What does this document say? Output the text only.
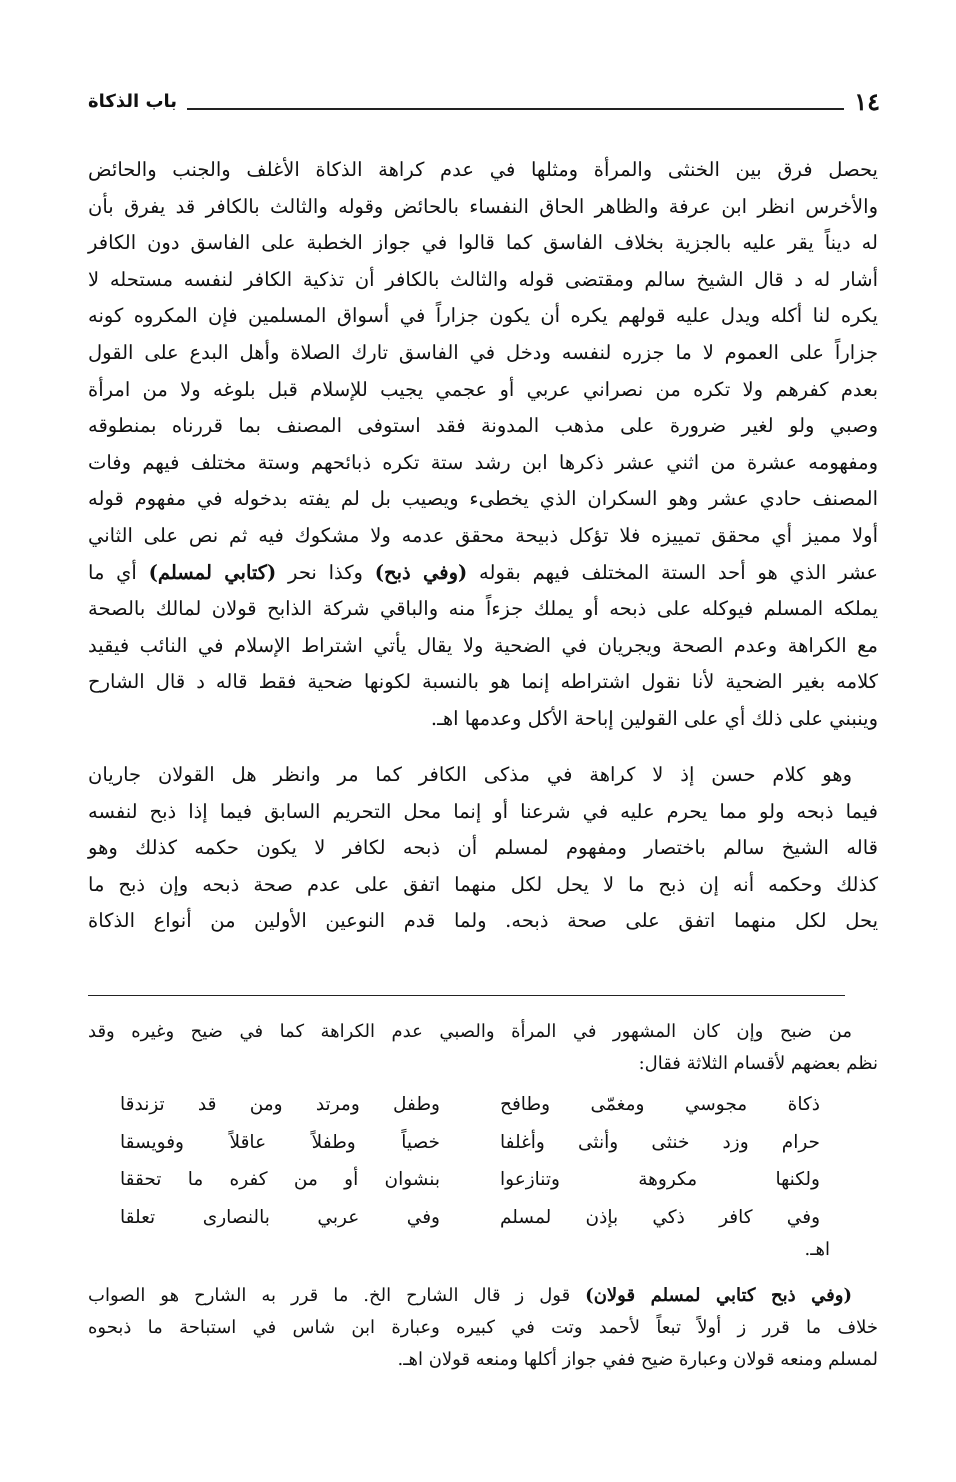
١٤
باب الذكاة
يحصل فرق بين الخنثى والمرأة ومثلها في عدم كراهة الذكاة الأغلف والجنب والحائض
والأخرس انظر ابن عرفة والظاهر الحاق النفساء بالحائض وقوله والثالث بالكافر قد يفرق بأن
له ديناً يقر عليه بالجزية بخلاف الفاسق كما قالوا في جواز الخطبة على الفاسق دون الكافر
أشار له د قال الشيخ سالم ومقتضى قوله والثالث بالكافر أن تذكية الكافر لنفسه مستحله لا
يكره لنا أكله ويدل عليه قولهم يكره أن يكون جزاراً في أسواق المسلمين فإن المكروه كونه
جزاراً على العموم لا ما جزره لنفسه ودخل في الفاسق تارك الصلاة وأهل البدع على القول
بعدم كفرهم ولا تكره من نصراني عربي أو عجمي يجيب للإسلام قبل بلوغه ولا من امرأة
وصبي ولو لغير ضرورة على مذهب المدونة فقد استوفى المصنف بما قررناه بمنطوقه
ومفهومه عشرة من اثني عشر ذكرها ابن رشد ستة تكره ذبائحهم وستة مختلف فيهم وفات
المصنف حادي عشر وهو السكران الذي يخطىء ويصيب بل لم يفته بدخوله في مفهوم قوله
أولا مميز أي محقق تمييزه فلا تؤكل ذبيحة محقق عدمه ولا مشكوك فيه ثم نص على الثاني
عشر الذي هو أحد الستة المختلف فيهم بقوله (وفي ذبح) وكذا نحر (كتابي لمسلم) أي ما
يملكه المسلم فيوكله على ذبحه أو يملك جزءاً منه والباقي شركة الذابح قولان لمالك بالصحة
مع الكراهة وعدم الصحة ويجريان في الضحية ولا يقال يأتي اشتراط الإسلام في النائب فيقيد
كلامه بغير الضحية لأنا نقول اشتراطه إنما هو بالنسبة لكونها ضحية فقط قاله د قال الشارح
وينبني على ذلك أي على القولين إباحة الأكل وعدمها اهـ.
وهو كلام حسن إذ لا كراهة في مذكى الكافر كما مر وانظر هل القولان جاريان
فيما ذبحه ولو مما يحرم عليه في شرعنا أو إنما محل التحريم السابق فيما إذا ذبح لنفسه
قاله الشيخ سالم باختصار ومفهوم لمسلم أن ذبحه لكافر لا يكون حكمه كذلك وهو
كذلك وحكمه أنه إن ذبح ما لا يحل لكل منهما اتفق على عدم صحة ذبحه وإن ذبح ما
يحل لكل منهما اتفق على صحة ذبحه. ولما قدم النوعين الأولين من أنواع الذكاة
من ضبح وإن كان المشهور في المرأة والصبي عدم الكراهة كما في ضيح وغيره وقد
نظم بعضهم لأقسام الثلاثة فقال:
ذكاة مجوسي ومغمّى وطافح
وطفل ومرتد ومن قد تزندقا
حرام وزد خنثى وأنثى وأغلفا
خصياً وطفلاً عاقلاً وفويسقا
ولكنها مكروهة وتنازعوا
بنشوان أو من كفره ما تحققا
وفي كافر ذكي بإذن لمسلم
وفي عربي بالنصارى تعلقا
اهـ.
(وفي ذبح كتابي لمسلم قولان) قول ز قال الشارح الخ. ما قرر به الشارح هو الصواب
خلاف ما قرر ز أولاً تبعاً لأحمد وتت في كبيره وعبارة ابن شاس في استباحة ما ذبحوه
لمسلم ومنعه قولان وعبارة ضيح ففي جواز أكلها ومنعه قولان اهـ.
